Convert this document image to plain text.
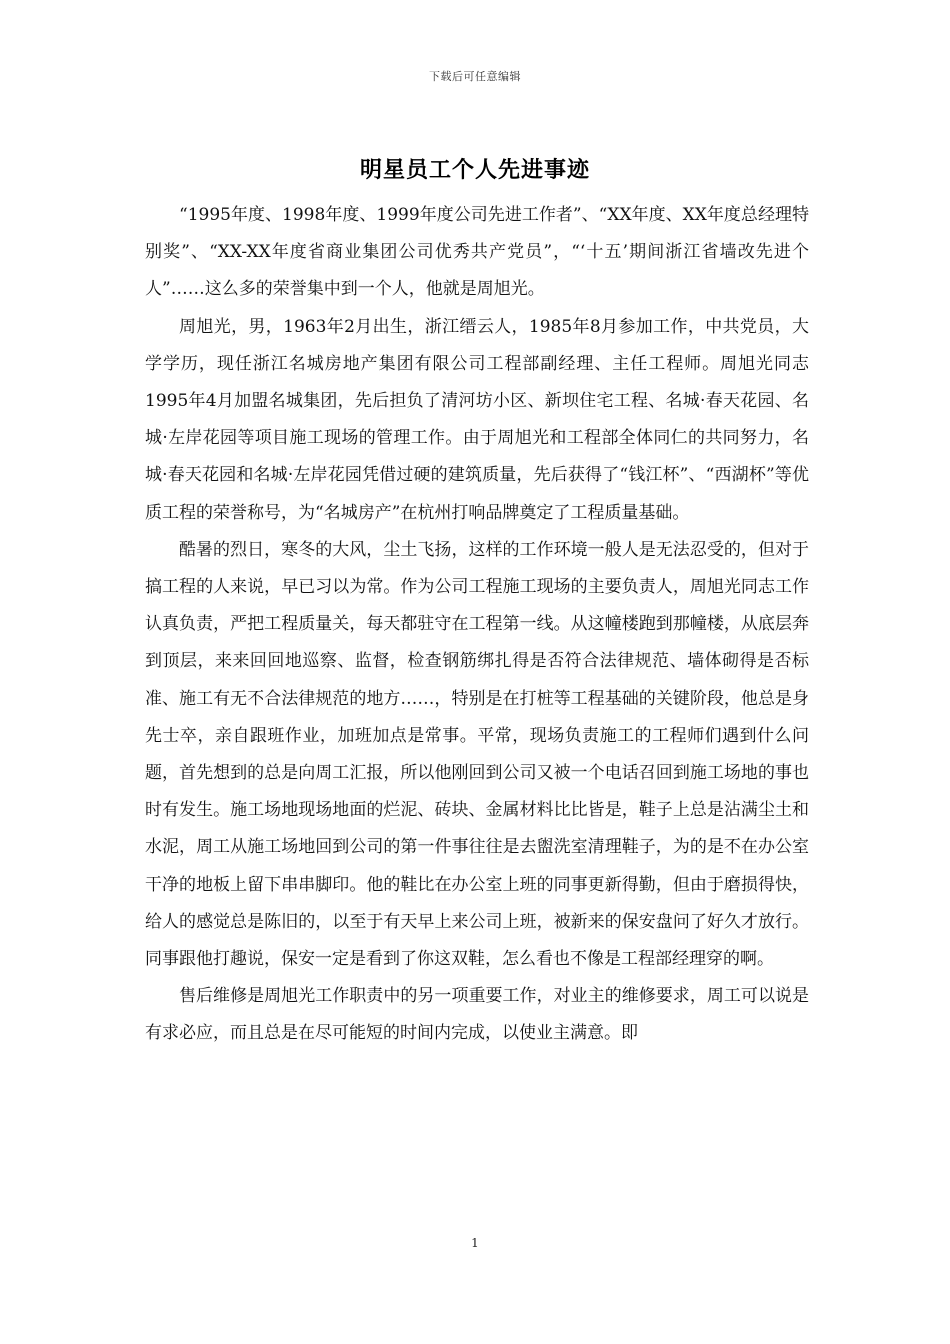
下载后可任意编辑
明星员工个人先进事迹

“1995年度、1998年度、1999年度公司先进工作者”、“XX年度、XX年度总经理特别奖”、“XX-XX年度省商业集团公司优秀共产党员”，“‘十五’期间浙江省墙改先进个人”……这么多的荣誉集中到一个人，他就是周旭光。

周旭光，男，1963年2月出生，浙江缙云人，1985年8月参加工作，中共党员，大学学历，现任浙江名城房地产集团有限公司工程部副经理、主任工程师。周旭光同志1995年4月加盟名城集团，先后担负了清河坊小区、新坝住宅工程、名城·春天花园、名城·左岸花园等项目施工现场的管理工作。由于周旭光和工程部全体同仁的共同努力，名城·春天花园和名城·左岸花园凭借过硬的建筑质量，先后获得了“钱江杯”、“西湖杯”等优质工程的荣誉称号，为“名城房产”在杭州打响品牌奠定了工程质量基础。

酷暑的烈日，寒冬的大风，尘土飞扬，这样的工作环境一般人是无法忍受的，但对于搞工程的人来说，早已习以为常。作为公司工程施工现场的主要负责人，周旭光同志工作认真负责，严把工程质量关，每天都驻守在工程第一线。从这幢楼跑到那幢楼，从底层奔到顶层，来来回回地巡察、监督，检查钢筋绑扎得是否符合法律规范、墙体砌得是否标准、施工有无不合法律规范的地方……，特别是在打桩等工程基础的关键阶段，他总是身先士卒，亲自跟班作业，加班加点是常事。平常，现场负责施工的工程师们遇到什么问题，首先想到的总是向周工汇报，所以他刚回到公司又被一个电话召回到施工场地的事也时有发生。施工场地现场地面的烂泥、砖块、金属材料比比皆是，鞋子上总是沾满尘土和水泥，周工从施工场地回到公司的第一件事往往是去盥洗室清理鞋子，为的是不在办公室干净的地板上留下串串脚印。他的鞋比在办公室上班的同事更新得勤，但由于磨损得快，给人的感觉总是陈旧的，以至于有天早上来公司上班，被新来的保安盘问了好久才放行。同事跟他打趣说，保安一定是看到了你这双鞋，怎么看也不像是工程部经理穿的啊。

售后维修是周旭光工作职责中的另一项重要工作，对业主的维修要求，周工可以说是有求必应，而且总是在尽可能短的时间内完成，以使业主满意。即

1
